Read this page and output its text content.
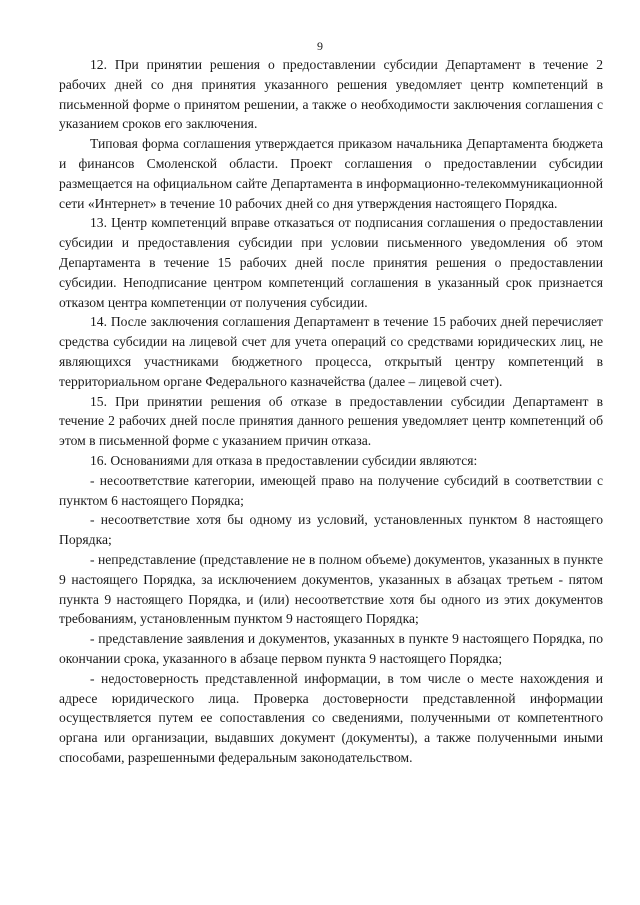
9

12. При принятии решения о предоставлении субсидии Департамент в течение 2 рабочих дней со дня принятия указанного решения уведомляет центр компетенций в письменной форме о принятом решении, а также о необходимости заключения соглашения с указанием сроков его заключения.

Типовая форма соглашения утверждается приказом начальника Департамента бюджета и финансов Смоленской области. Проект соглашения о предоставлении субсидии размещается на официальном сайте Департамента в информационно-телекоммуникационной сети «Интернет» в течение 10 рабочих дней со дня утверждения настоящего Порядка.

13. Центр компетенций вправе отказаться от подписания соглашения о предоставлении субсидии и предоставления субсидии при условии письменного уведомления об этом Департамента в течение 15 рабочих дней после принятия решения о предоставлении субсидии. Неподписание центром компетенций соглашения в указанный срок признается отказом центра компетенции от получения субсидии.

14. После заключения соглашения Департамент в течение 15 рабочих дней перечисляет средства субсидии на лицевой счет для учета операций со средствами юридических лиц, не являющихся участниками бюджетного процесса, открытый центру компетенций в территориальном органе Федерального казначейства (далее – лицевой счет).

15. При принятии решения об отказе в предоставлении субсидии Департамент в течение 2 рабочих дней после принятия данного решения уведомляет центр компетенций об этом в письменной форме с указанием причин отказа.

16. Основаниями для отказа в предоставлении субсидии являются:

- несоответствие категории, имеющей право на получение субсидий в соответствии с пунктом 6 настоящего Порядка;

- несоответствие хотя бы одному из условий, установленных пунктом 8 настоящего Порядка;

- непредставление (представление не в полном объеме) документов, указанных в пункте 9 настоящего Порядка, за исключением документов, указанных в абзацах третьем - пятом пункта 9 настоящего Порядка, и (или) несоответствие хотя бы одного из этих документов требованиям, установленным пунктом 9 настоящего Порядка;

- представление заявления и документов, указанных в пункте 9 настоящего Порядка, по окончании срока, указанного в абзаце первом пункта 9 настоящего Порядка;

- недостоверность представленной информации, в том числе о месте нахождения и адресе юридического лица. Проверка достоверности представленной информации осуществляется путем ее сопоставления со сведениями, полученными от компетентного органа или организации, выдавших документ (документы), а также полученными иными способами, разрешенными федеральным законодательством.
